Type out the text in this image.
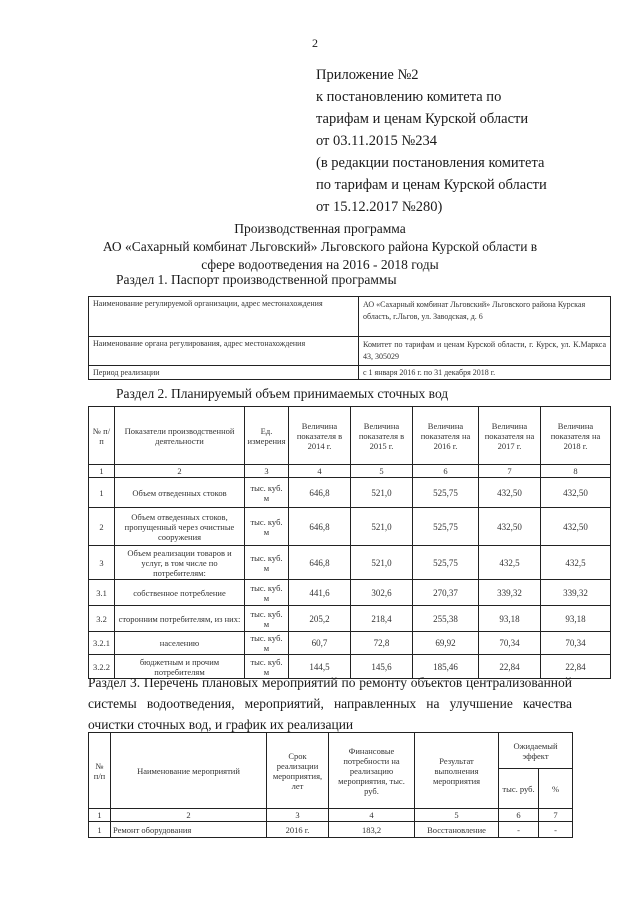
2
Приложение №2
к постановлению комитета по
тарифам и ценам Курской области
от 03.11.2015 №234
(в редакции постановления комитета
по тарифам и ценам Курской области
от 15.12.2017 №280)
Производственная программа
АО «Сахарный комбинат Льговский» Льговского района Курской области в
сфере водоотведения на 2016 - 2018 годы
Раздел 1. Паспорт производственной программы
Наименование регулируемой организации, адрес местонахождения	АО «Сахарный комбинат Льговский» Льговского района Курская область, г.Льгов, ул. Заводская, д. 6
Наименование органа регулирования, адрес местонахождения	Комитет по тарифам и ценам Курской области, г. Курск, ул. К.Маркса 43, 305029
Период реализации	с 1 января 2016 г. по 31 декабря 2018 г.
Раздел 2. Планируемый объем принимаемых сточных вод
№ п/п	Показатели производственной деятельности	Ед. измерения	Величина показателя в 2014 г.	Величина показателя в 2015 г.	Величина показателя на 2016 г.	Величина показателя на 2017 г.	Величина показателя на 2018 г.
1	2	3	4	5	6	7	8
1	Объем отведенных стоков	тыс. куб. м	646,8	521,0	525,75	432,50	432,50
2	Объем отведенных стоков, пропущенный через очистные сооружения	тыс. куб. м	646,8	521,0	525,75	432,50	432,50
3	Объем реализации товаров и услуг, в том числе по потребителям:	тыс. куб. м	646,8	521,0	525,75	432,5	432,5
3.1	собственное потребление	тыс. куб. м	441,6	302,6	270,37	339,32	339,32
3.2	сторонним потребителям, из них:	тыс. куб. м	205,2	218,4	255,38	93,18	93,18
3.2.1	населению	тыс. куб. м	60,7	72,8	69,92	70,34	70,34
3.2.2	бюджетным и прочим потребителям	тыс. куб. м	144,5	145,6	185,46	22,84	22,84
Раздел 3. Перечень плановых мероприятий по ремонту объектов централизованной системы водоотведения, мероприятий, направленных на улучшение качества очистки сточных вод, и график их реализации
№ п/п	Наименование мероприятий	Срок реализации мероприятия, лет	Финансовые потребности на реализацию мероприятия, тыс. руб.	Результат выполнения мероприятия	Ожидаемый эффект	
					тыс. руб.	%
1	2	3	4	5	6	7
1	Ремонт оборудования	2016 г.	183,2	Восстановление	-	-
